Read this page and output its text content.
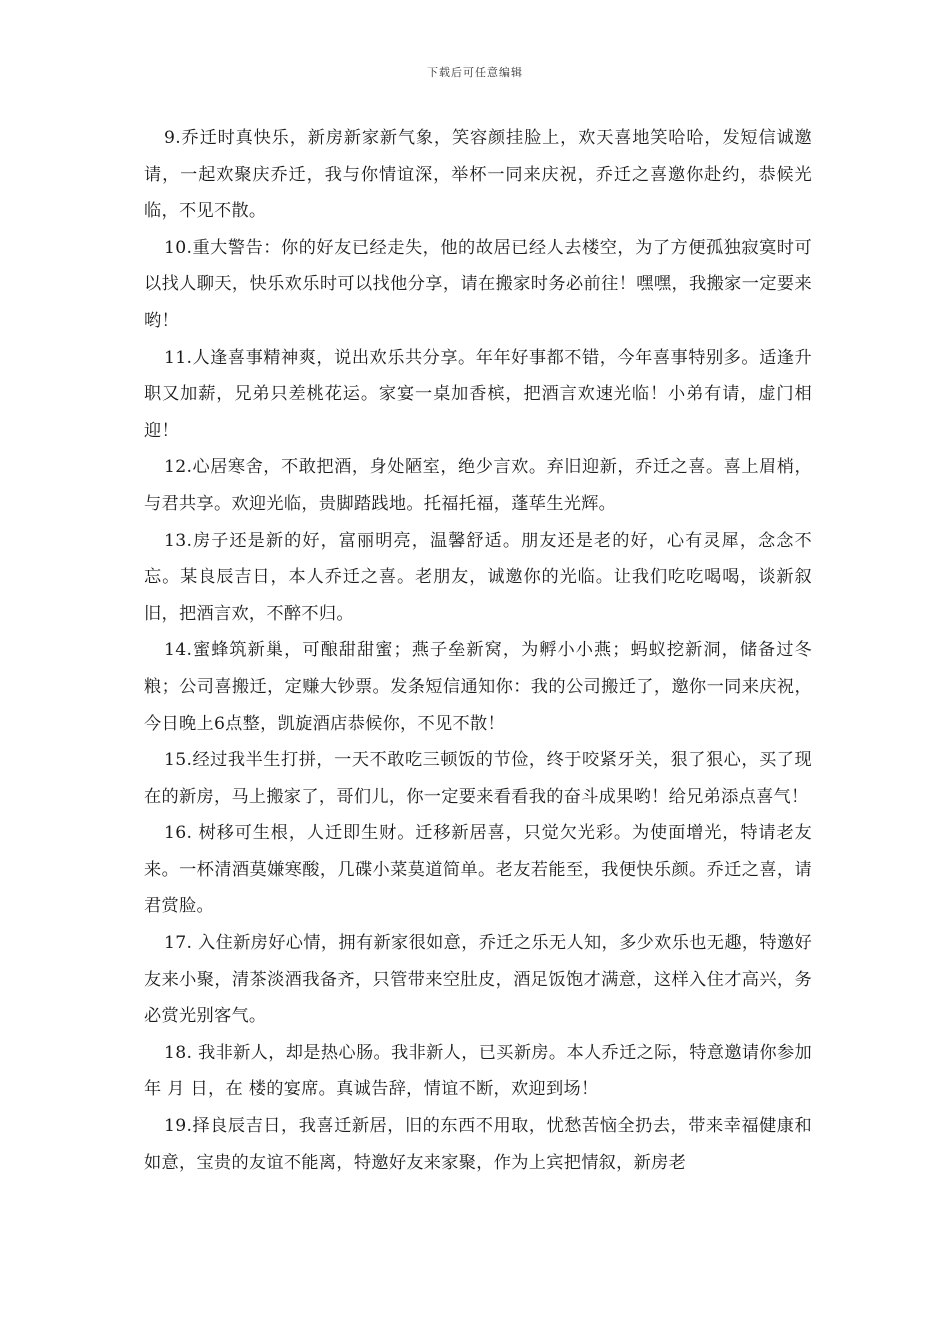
下载后可任意编辑

9.乔迁时真快乐，新房新家新气象，笑容颜挂脸上，欢天喜地笑哈哈，发短信诚邀请，一起欢聚庆乔迁，我与你情谊深，举杯一同来庆祝，乔迁之喜邀你赴约，恭候光临，不见不散。

10.重大警告：你的好友已经走失，他的故居已经人去楼空，为了方便孤独寂寞时可以找人聊天，快乐欢乐时可以找他分享，请在搬家时务必前往！嘿嘿，我搬家一定要来哟！

11.人逢喜事精神爽，说出欢乐共分享。年年好事都不错，今年喜事特别多。适逢升职又加薪，兄弟只差桃花运。家宴一桌加香槟，把酒言欢速光临！小弟有请，虚门相迎！

12.心居寒舍，不敢把酒，身处陋室，绝少言欢。弃旧迎新，乔迁之喜。喜上眉梢，与君共享。欢迎光临，贵脚踏践地。托福托福，蓬荜生光辉。

13.房子还是新的好，富丽明亮，温馨舒适。朋友还是老的好，心有灵犀，念念不忘。某良辰吉日，本人乔迁之喜。老朋友，诚邀你的光临。让我们吃吃喝喝，谈新叙旧，把酒言欢，不醉不归。

14.蜜蜂筑新巢，可酿甜甜蜜；燕子垒新窝，为孵小小燕；蚂蚁挖新洞，储备过冬粮；公司喜搬迁，定赚大钞票。发条短信通知你：我的公司搬迁了，邀你一同来庆祝，今日晚上6点整，凯旋酒店恭候你，不见不散！

15.经过我半生打拼，一天不敢吃三顿饭的节俭，终于咬紧牙关，狠了狠心，买了现在的新房，马上搬家了，哥们儿，你一定要来看看我的奋斗成果哟！给兄弟添点喜气！

16. 树移可生根，人迁即生财。迁移新居喜，只觉欠光彩。为使面增光，特请老友来。一杯清酒莫嫌寒酸，几碟小菜莫道简单。老友若能至，我便快乐颜。乔迁之喜，请君赏脸。

17. 入住新房好心情，拥有新家很如意，乔迁之乐无人知，多少欢乐也无趣，特邀好友来小聚，清茶淡酒我备齐，只管带来空肚皮，酒足饭饱才满意，这样入住才高兴，务必赏光别客气。

18. 我非新人，却是热心肠。我非新人，已买新房。本人乔迁之际，特意邀请你参加 年 月 日，在 楼的宴席。真诚告辞，情谊不断，欢迎到场！

19.择良辰吉日，我喜迁新居，旧的东西不用取，忧愁苦恼全扔去，带来幸福健康和如意，宝贵的友谊不能离，特邀好友来家聚，作为上宾把情叙，新房老
